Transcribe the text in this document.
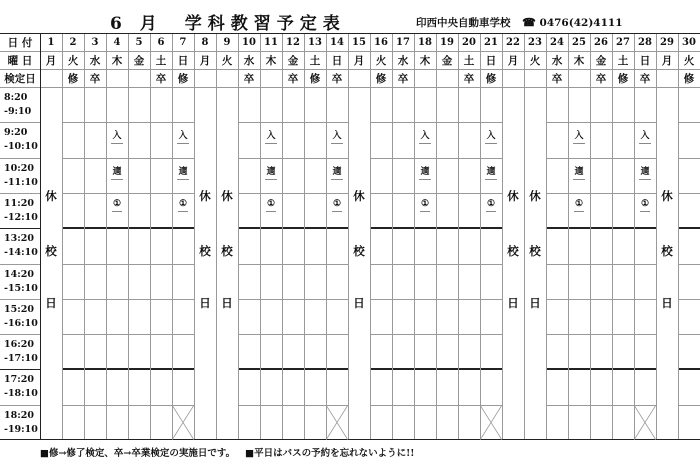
6 月 学科教習予定表	印西中央自動車学校 ☎ 0476(42)4111
日 付
曜 日
検定日
1
月
2
火
修
3
水
卒
4
木
5
金
6
土
卒
7
日
修
8
月
9
火
10
水
卒
11
木
12
金
卒
13
土
修
14
日
卒
15
月
16
火
修
17
水
卒
18
木
19
金
20
土
卒
21
日
修
22
月
23
火
24
水
卒
25
木
26
金
卒
27
土
修
28
日
卒
29
月
30
火
修
8:20
-9:10
9:20
-10:10
10:20
-11:10
11:20
-12:10
13:20
-14:10
14:20
-15:10
15:20
-16:10
16:20
-17:10
17:20
-18:10
18:20
-19:10
休
校
日
休
校
日
休
校
日
休
校
日
休
校
日
休
校
日
休
校
日
入
適
①
入
適
①
入
適
①
入
適
①
入
適
①
入
適
①
入
適
①
入
適
①
■修→修了検定、卒→卒業検定の実施日です。 ■平日はバスの予約を忘れないように!!
